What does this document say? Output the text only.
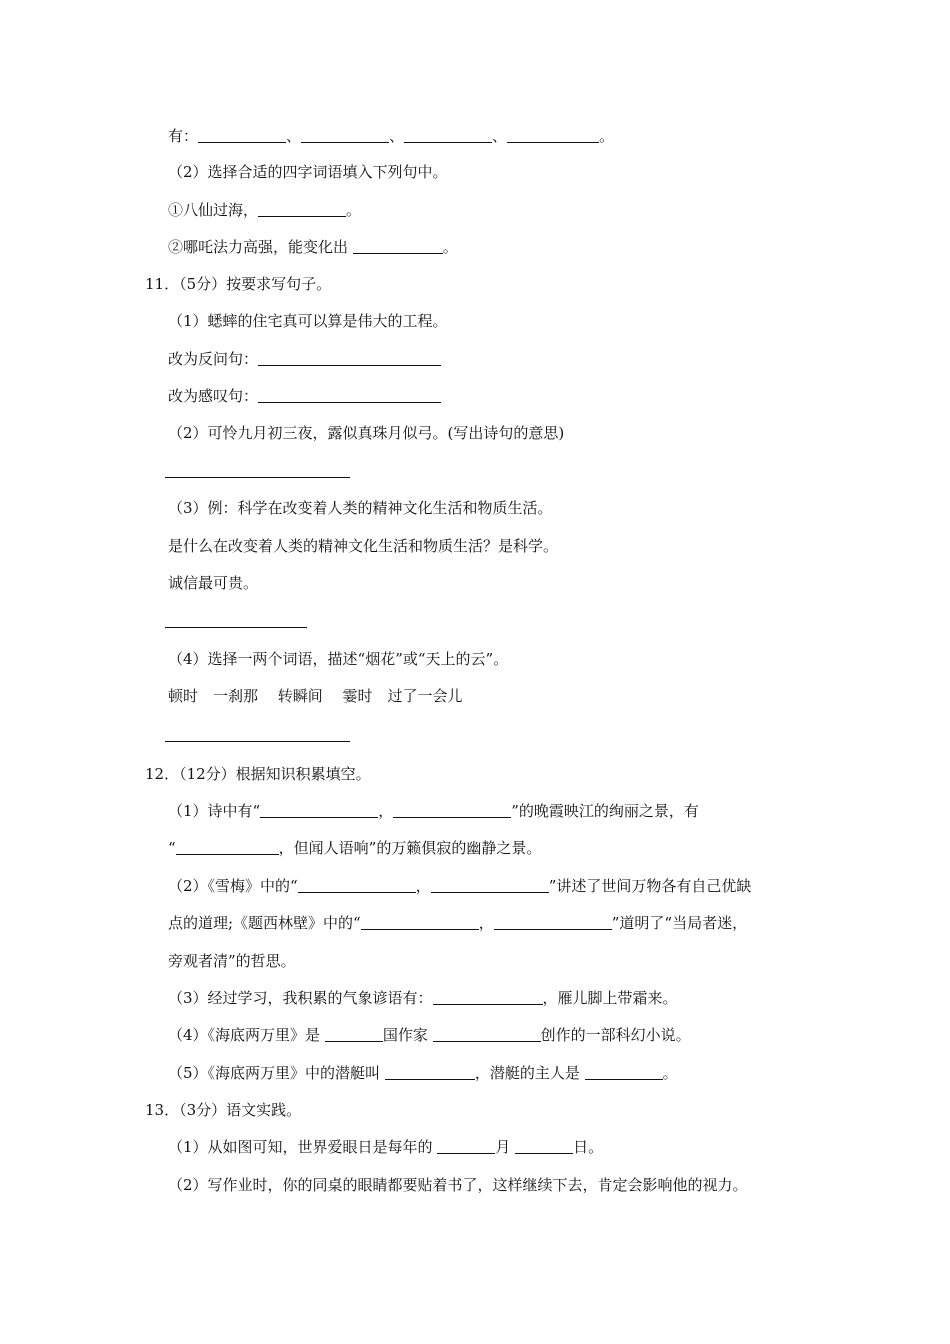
有：	、	、	、	。
（2）选择合适的四字词语填入下列句中。
①八仙过海，	。
②哪吒法力高强，能变化出	。
11．（5分）按要求写句子。
（1）蟋蟀的住宅真可以算是伟大的工程。
改为反问句：
改为感叹句：
（2）可怜九月初三夜，露似真珠月似弓。(写出诗句的意思)
（3）例：科学在改变着人类的精神文化生活和物质生活。
是什么在改变着人类的精神文化生活和物质生活？是科学。
诚信最可贵。
（4）选择一两个词语，描述“烟花”或“天上的云”。
顿时　一刹那　 转瞬间　 霎时　过了一会儿
12．（12分）根据知识积累填空。
（1）诗中有“	，	”的晚霞映江的绚丽之景，有
“	，但闻人语响”的万籁俱寂的幽静之景。
（2）《雪梅》中的“	，	”讲述了世间万物各有自己优缺
点的道理;《题西林壁》中的“	，	”道明了“当局者迷，
旁观者清”的哲思。
（3）经过学习，我积累的气象谚语有：	，雁儿脚上带霜来。
（4）《海底两万里》是	国作家	创作的一部科幻小说。
（5）《海底两万里》中的潜艇叫	，潜艇的主人是	。
13．（3分）语文实践。
（1）从如图可知，世界爱眼日是每年的	月	日。
（2）写作业时，你的同桌的眼睛都要贴着书了，这样继续下去，肯定会影响他的视力。
